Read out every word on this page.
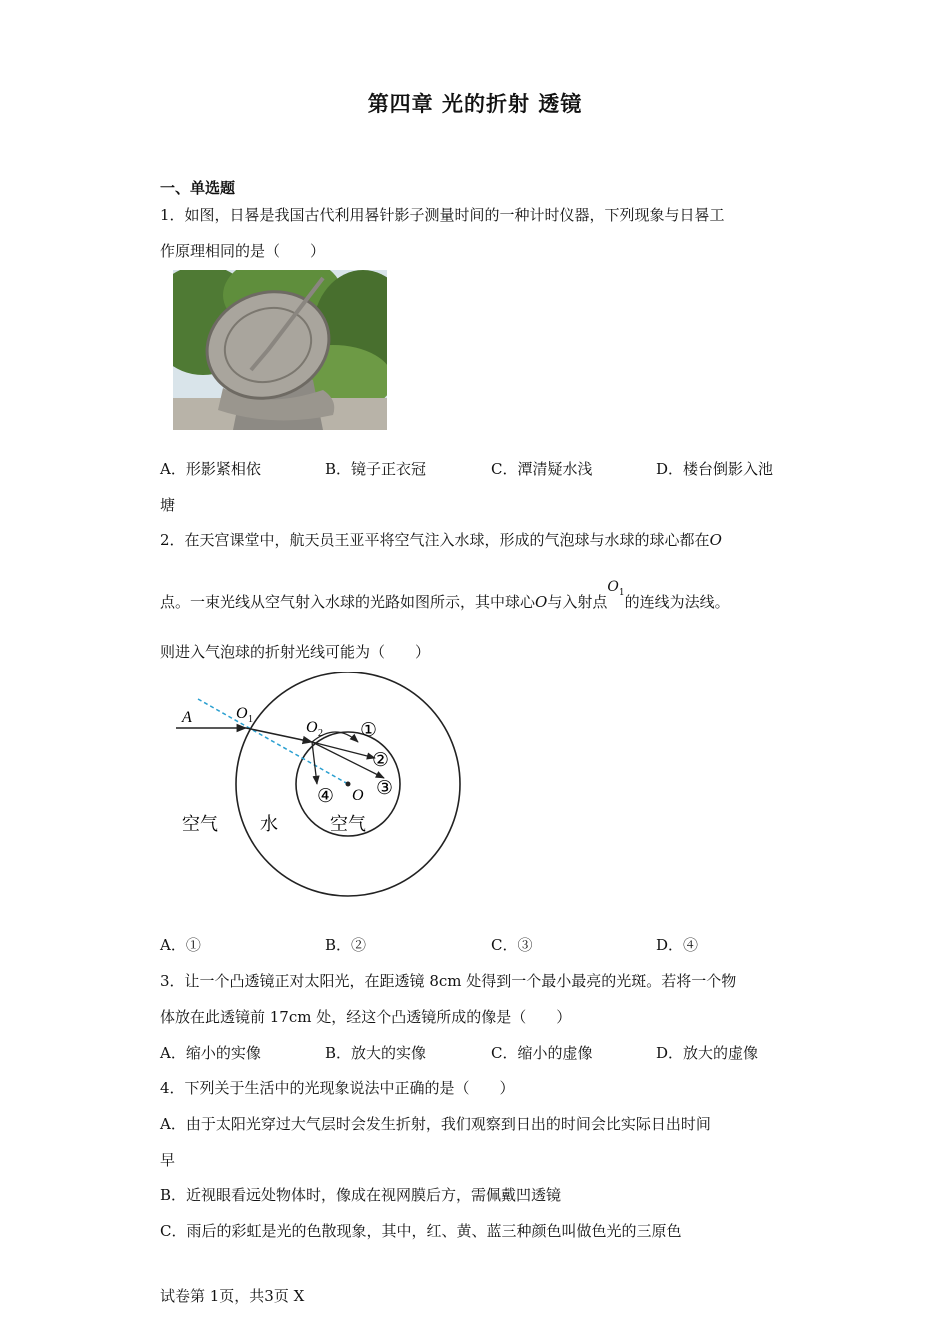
第四章 光的折射 透镜
一、单选题
1．如图，日晷是我国古代利用晷针影子测量时间的一种计时仪器，下列现象与日晷工
作原理相同的是（　　）
A．形影紧相依	B．镜子正衣冠	C．潭清疑水浅	D．楼台倒影入池
塘
2．在天宫课堂中，航天员王亚平将空气注入水球，形成的气泡球与水球的球心都在O
点。一束光线从空气射入水球的光路如图所示，其中球心O与入射点$O_1$的连线为法线。
则进入气泡球的折射光线可能为（　　）
A	O 1	O 2
O
①
②
③
④
空气 水	空气
A．①	B．②	C．③	D．④
3．让一个凸透镜正对太阳光，在距透镜 8cm 处得到一个最小最亮的光斑。若将一个物
体放在此透镜前 17cm 处，经这个凸透镜所成的像是（　　）
A．缩小的实像	B．放大的实像	C．缩小的虚像	D．放大的虚像
4．下列关于生活中的光现象说法中正确的是（　　）
A．由于太阳光穿过大气层时会发生折射，我们观察到日出的时间会比实际日出时间
早
B．近视眼看远处物体时，像成在视网膜后方，需佩戴凹透镜
C．雨后的彩虹是光的色散现象，其中，红、黄、蓝三种颜色叫做色光的三原色
试卷第 1页，共3页 X
